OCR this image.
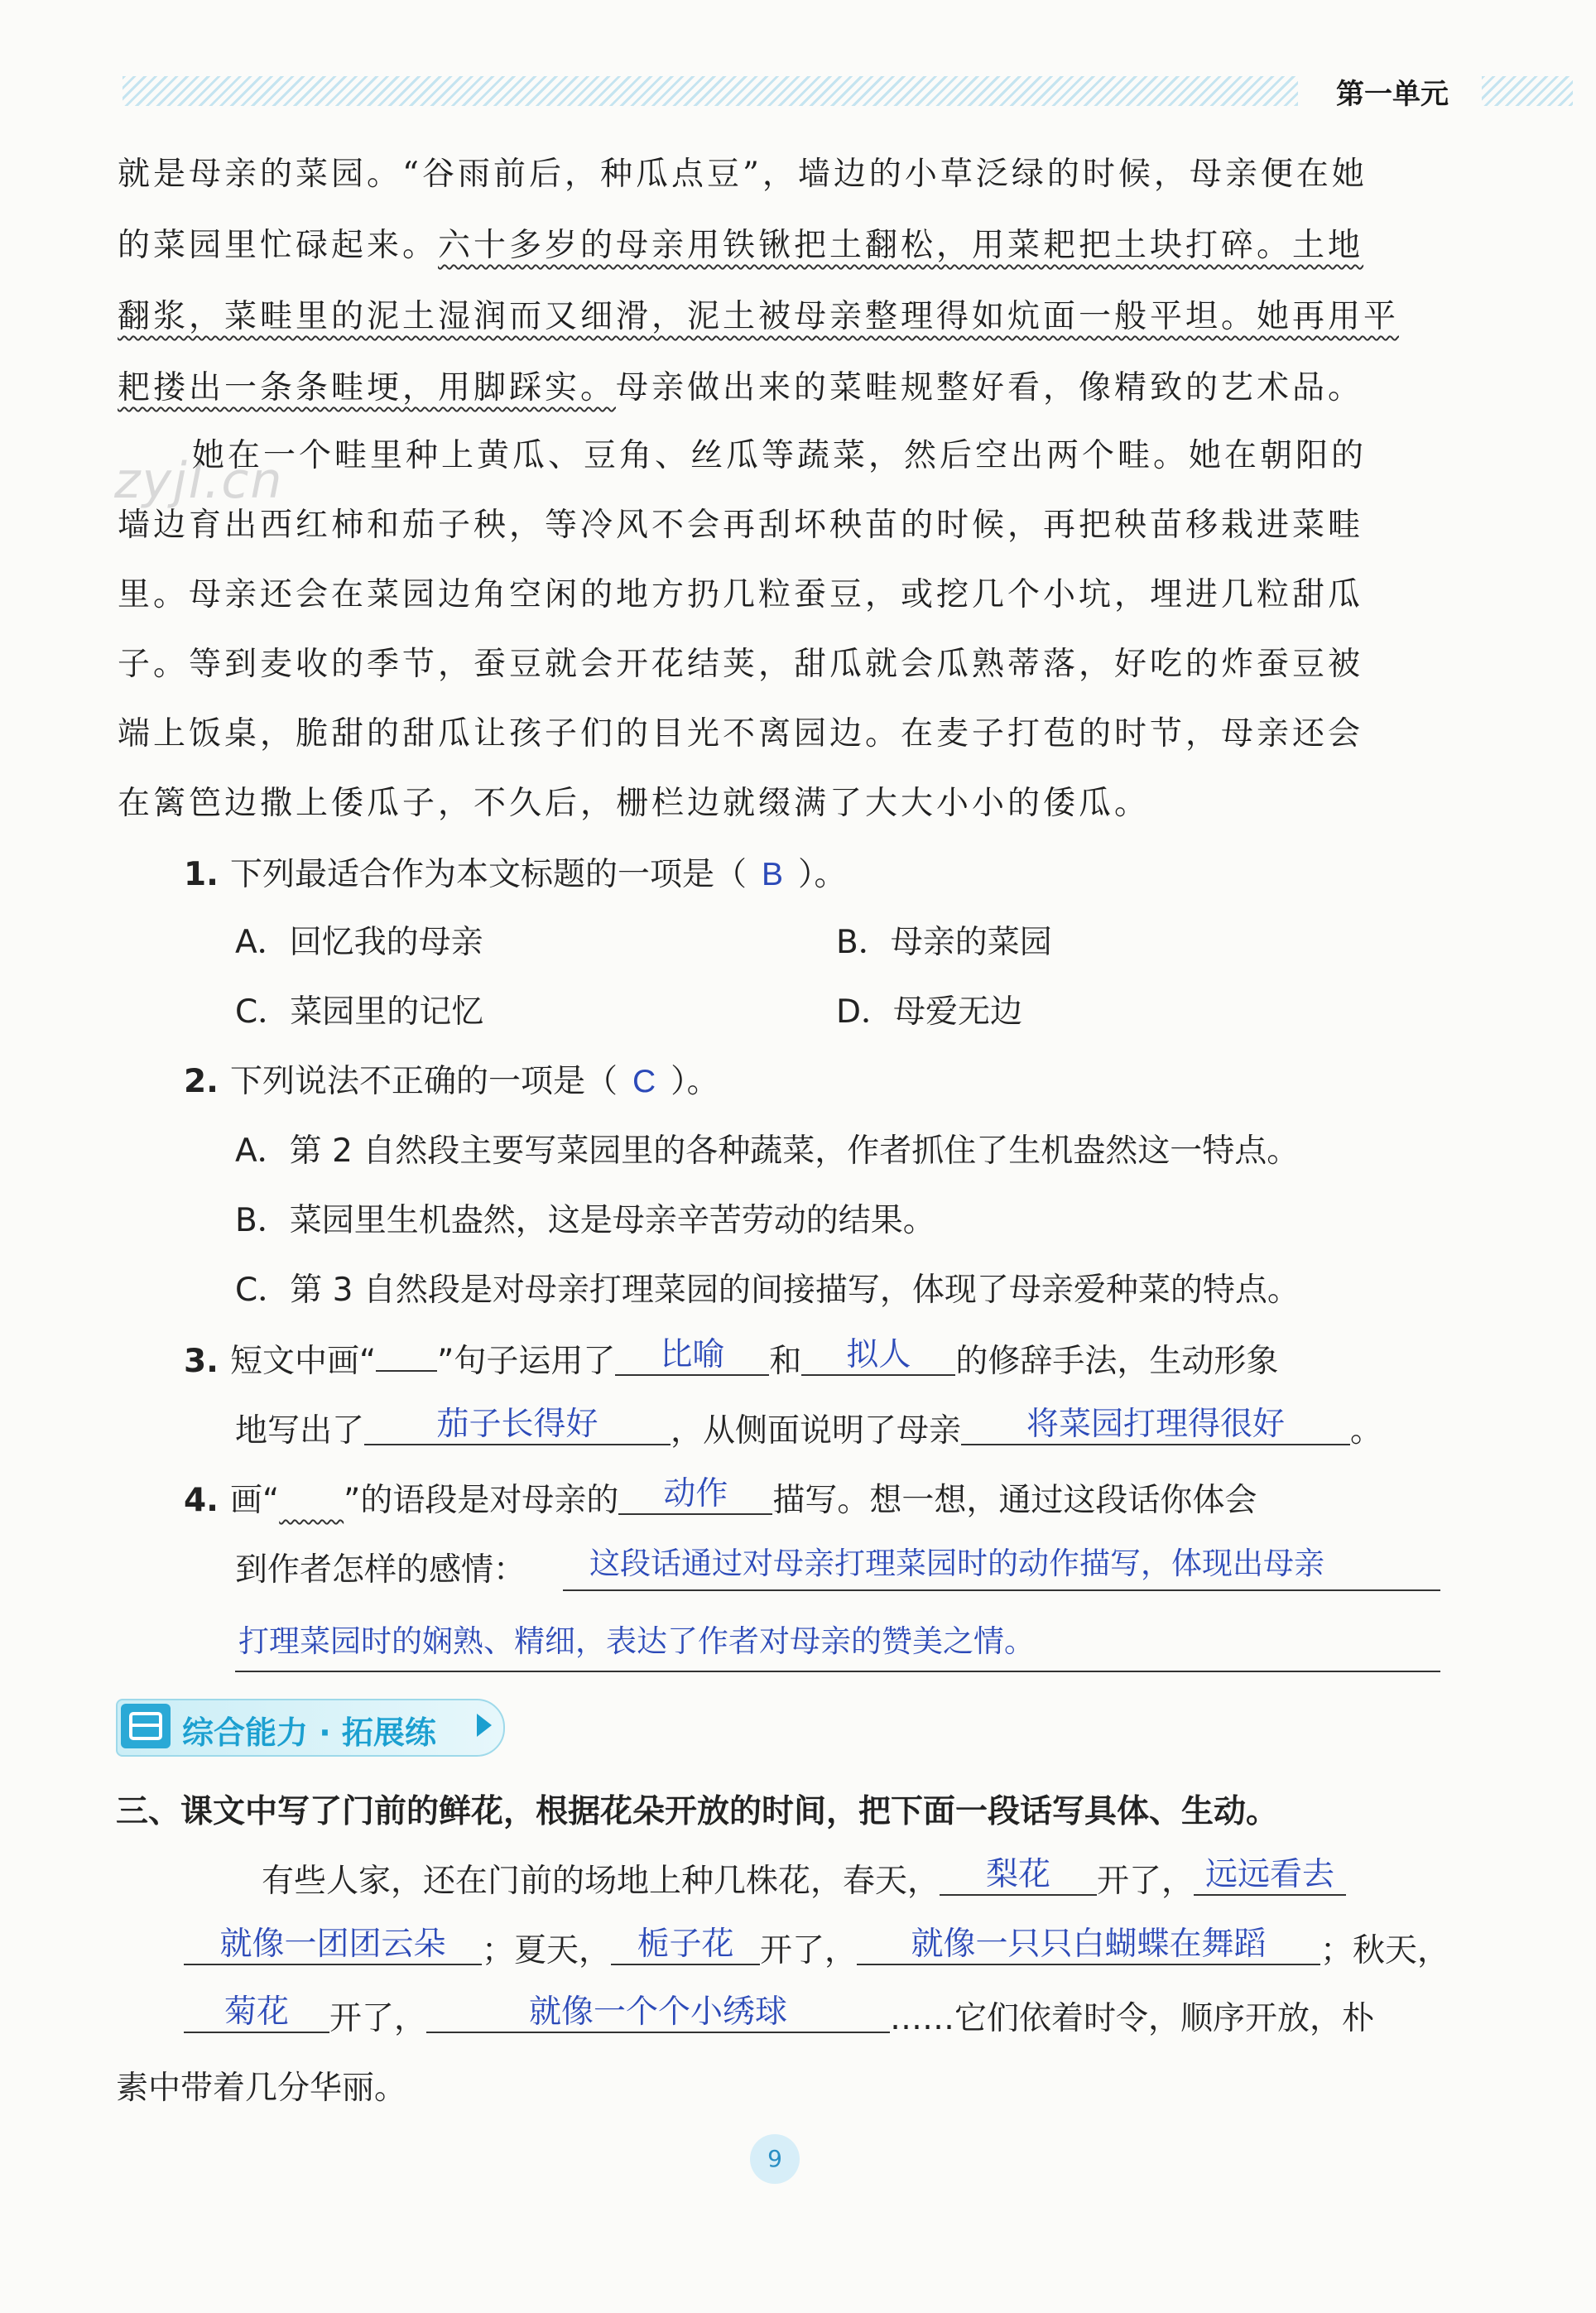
第一单元
zyjl.cn
就是母亲的菜园。“谷雨前后，种瓜点豆”，墙边的小草泛绿的时候，母亲便在她
的菜园里忙碌起来。六十多岁的母亲用铁锹把土翻松，用菜耙把土块打碎。土地
翻浆，菜畦里的泥土湿润而又细滑，泥土被母亲整理得如炕面一般平坦。她再用平
耙搂出一条条畦埂，用脚踩实。母亲做出来的菜畦规整好看，像精致的艺术品。
她在一个畦里种上黄瓜、豆角、丝瓜等蔬菜，然后空出两个畦。她在朝阳的
墙边育出西红柿和茄子秧，等冷风不会再刮坏秧苗的时候，再把秧苗移栽进菜畦
里。母亲还会在菜园边角空闲的地方扔几粒蚕豆，或挖几个小坑，埋进几粒甜瓜
子。等到麦收的季节，蚕豆就会开花结荚，甜瓜就会瓜熟蒂落，好吃的炸蚕豆被
端上饭桌，脆甜的甜瓜让孩子们的目光不离园边。在麦子打苞的时节，母亲还会
在篱笆边撒上倭瓜子，不久后，栅栏边就缀满了大大小小的倭瓜。
1. 下列最适合作为本文标题的一项是（ B ）。
A．回忆我的母亲	B．母亲的菜园
C．菜园里的记忆	D．母爱无边
2. 下列说法不正确的一项是（ C ）。
A．第 2 自然段主要写菜园里的各种蔬菜，作者抓住了生机盎然这一特点。
B．菜园里生机盎然，这是母亲辛苦劳动的结果。
C．第 3 自然段是对母亲打理菜园的间接描写，体现了母亲爱种菜的特点。
3. 短文中画“ ”句子运用了 比喻 和 拟人 的修辞手法，生动形象
地写出了 茄子长得好 ，从侧面说明了母亲 将菜园打理得很好 。
4. 画“   ”的语段是对母亲的 动作 描写。想一想，通过这段话你体会
到作者怎样的感情： 这段话通过对母亲打理菜园时的动作描写，体现出母亲
打理菜园时的娴熟、精细，表达了作者对母亲的赞美之情。
综合能力 · 拓展练
三、课文中写了门前的鲜花，根据花朵开放的时间，把下面一段话写具体、生动。
有些人家，还在门前的场地上种几株花，春天， 梨花 开了， 远远看去
就像一团团云朵 ；夏天， 栀子花 开了， 就像一只只白蝴蝶在舞蹈 ；秋天，
菊花 开了，	就像一个个小绣球	……它们依着时令，顺序开放，朴
素中带着几分华丽。
9
